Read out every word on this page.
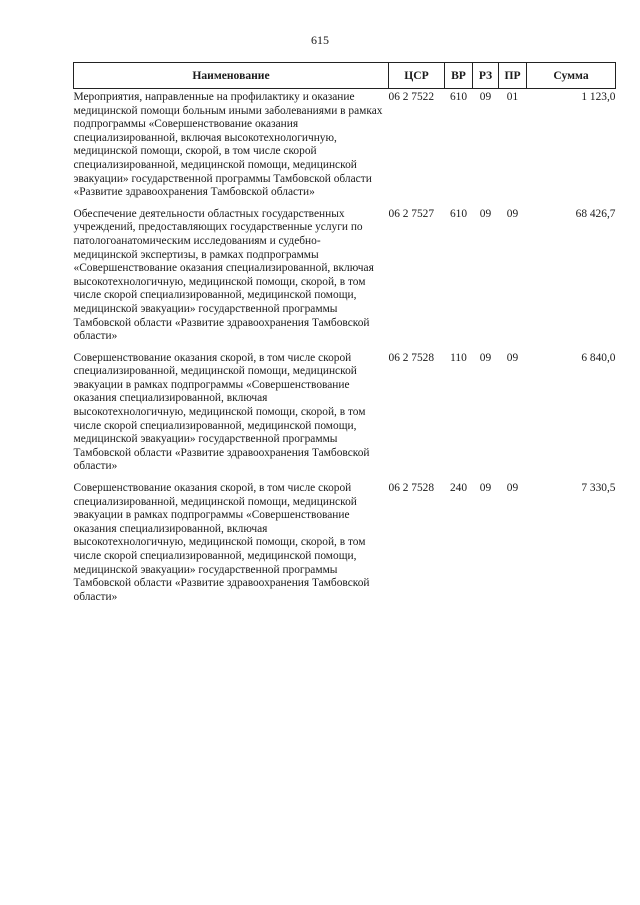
615
Наименование	ЦСР	ВР	РЗ	ПР	Сумма
Мероприятия, направленные на профилактику и оказание медицинской помощи больным иными заболеваниями в рамках подпрограммы «Совершенствование оказания специализированной, включая высокотехнологичную, медицинской помощи, скорой, в том числе скорой специализированной, медицинской помощи, медицинской эвакуации» государственной программы Тамбовской области «Развитие здравоохранения Тамбовской области»	06 2 7522	610	09	01	1 123,0
Обеспечение деятельности областных государственных учреждений, предоставляющих государственные услуги по патологоанатомическим исследованиям и судебно-медицинской экспертизы, в рамках подпрограммы «Совершенствование оказания специализированной, включая высокотехнологичную, медицинской помощи, скорой, в том числе скорой специализированной, медицинской помощи, медицинской эвакуации» государственной программы Тамбовской области «Развитие здравоохранения Тамбовской области»	06 2 7527	610	09	09	68 426,7
Совершенствование оказания скорой, в том числе скорой специализированной, медицинской помощи, медицинской эвакуации в рамках подпрограммы «Совершенствование оказания специализированной, включая высокотехнологичную, медицинской помощи, скорой, в том числе скорой специализированной, медицинской помощи, медицинской эвакуации» государственной программы Тамбовской области «Развитие здравоохранения Тамбовской области»	06 2 7528	110	09	09	6 840,0
Совершенствование оказания скорой, в том числе скорой специализированной, медицинской помощи, медицинской эвакуации в рамках подпрограммы «Совершенствование оказания специализированной, включая высокотехнологичную, медицинской помощи, скорой, в том числе скорой специализированной, медицинской помощи, медицинской эвакуации» государственной программы Тамбовской области «Развитие здравоохранения Тамбовской области»	06 2 7528	240	09	09	7 330,5
